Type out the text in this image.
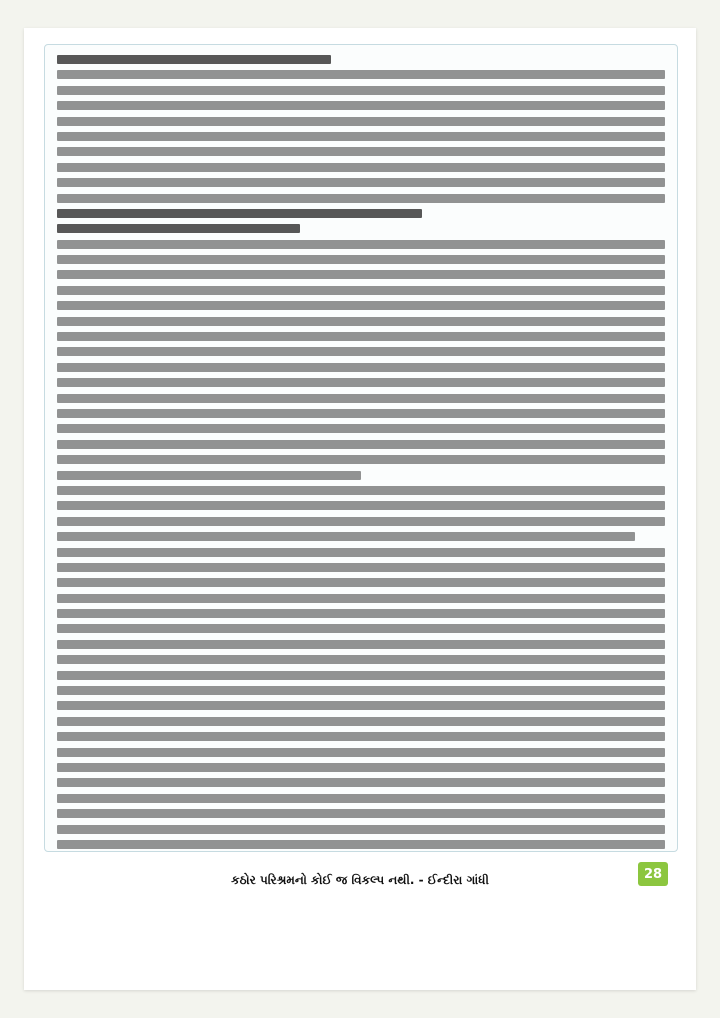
કઠોર પરિશ્રમનો કોઈ જ વિકલ્પ નથી. - ઈન્દીરા ગાંધી	28
